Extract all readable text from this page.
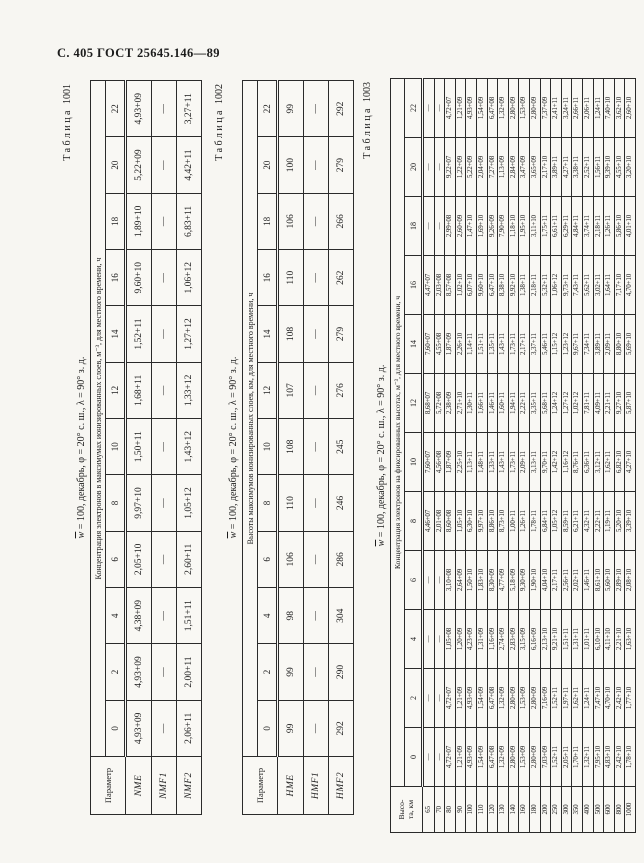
С. 405 ГОСТ 25645.146—89
Таблица1001
$\overline{w} = 100$, декабрь, φ = 20° с. ш., λ = 90° з. д.
Параметр	Концентрация электронов в максимумах ионизированных слоев, м⁻³, для местного времени, ч											
	0	2	4	6	8	10	12	14	16	18	20	22
NME	4,93+09	4,93+09	4,38+09	2,05+10	9,97+10	1,50+11	1,68+11	1,52+11	9,60+10	1,89+10	5,22+09	4,93+09
NMF1	—	—	—	—	—	—	—	—	—	—	—	—
NMF2	2,06+11	2,00+11	1,51+11	2,60+11	1,05+12	1,43+12	1,33+12	1,27+12	1,06+12	6,83+11	4,42+11	3,27+11 Таблица1002
$\overline{w} = 100$, декабрь, φ = 20° с. ш., λ = 90° з. д.
Параметр	Высоты максимумов ионизированных слоев, км, для местного времени, ч											
	0	2	4	6	8	10	12	14	16	18	20	22
HME	99	99	98	106	110	108	107	108	110	106	100	99
HMF1	—	—	—	—	—	—	—	—	—	—	—	—
HMF2	292	290	304	286	246	245	276	279	262	266	279	292 Таблица1003
$\overline{w} = 100$, декабрь, φ = 20° с. ш., λ = 90° з. д.
Высо-
та, км	Концентрация электронов на фиксированных высотах, м⁻³, для местного времени, ч											
	0	2	4	6	8	10	12	14	16	18	20	22
65	—	—	—	—	4,46+07	7,60+07	8,68+07	7,60+07	4,47+07	—	—	—
70	—	—	—	—	2,01+08	4,56+08	5,72+08	4,55+08	2,03+08	—	—	—
80	4,72+07	4,72+07	1,05+08	3,10+08	8,60+08	1,87+09	2,38+09	1,87+09	8,57+08	2,99+08	9,22+07	4,72+07
90	1,21+09	1,21+09	1,20+09	2,64+09	1,05+10	2,25+10	2,71+10	2,26+10	1,02+10	2,60+09	1,22+09	1,21+09
100	4,93+09	4,93+09	4,23+09	1,50+10	6,30+10	1,13+11	1,30+11	1,14+11	6,07+10	1,47+10	5,22+09	4,93+09
110	1,54+09	1,54+09	1,31+09	1,83+10	9,97+10	1,48+11	1,66+11	1,51+11	9,60+10	1,69+10	2,04+09	1,54+09
120	6,47+08	6,47+08	1,16+09	8,30+09	8,86+10	1,33+11	1,46+11	1,35+11	6,47+10	9,26+09	7,27+08	6,47+08
130	1,32+09	1,32+09	2,74+09	4,77+09	8,73+10	1,43+11	1,60+11	1,43+11	8,38+10	7,90+09	1,13+09	1,32+09
140	2,80+09	2,80+09	2,83+09	5,18+09	1,00+11	1,73+11	1,94+11	1,73+11	9,92+10	1,18+10	2,84+09	2,80+09
160	1,53+09	1,53+09	3,15+09	9,30+09	1,26+11	2,09+11	2,22+11	2,17+11	1,38+11	1,95+10	3,47+09	1,53+09
180	2,80+09	2,80+09	6,16+09	1,90+10	1,78+11	3,13+11	3,35+11	3,37+11	2,18+11	3,11+10	3,65+09	2,80+09
200	7,03+09	7,16+09	2,13+10	4,04+10	6,84+11	9,70+11	5,68+11	5,46+11	5,32+11	1,75+11	2,17+10	7,37+09
250	1,52+11	1,52+11	9,21+10	2,17+11	1,05+12	1,42+12	1,24+12	1,15+12	1,06+12	6,61+11	3,89+11	2,41+11
300	2,05+11	1,97+11	1,51+11	2,56+11	8,59+11	1,16+12	1,27+12	1,23+12	9,73+11	6,29+11	4,27+11	3,24+11
350	1,70+11	1,62+11	1,31+11	2,02+11	6,21+11	8,76+11	1,02+12	9,67+11	7,43+11	4,84+11	3,38+11	2,66+11
400	1,32+11	1,24+11	1,01+11	1,46+11	4,32+11	6,36+11	7,81+11	7,34+11	5,62+11	3,74+11	2,52+11	2,06+11
500	7,95+10	7,47+10	6,10+10	8,61+10	2,22+11	3,12+11	4,09+11	3,89+11	3,02+11	2,18+11	1,56+11	1,24+11
600	4,83+10	4,70+10	4,11+10	5,60+10	1,19+11	1,62+11	2,21+11	2,09+11	1,64+11	1,26+11	9,39+10	7,40+10
800	2,42+10	2,42+10	2,21+10	2,89+10	5,20+10	6,82+10	9,27+10	8,80+10	7,17+10	5,86+10	4,55+10	3,62+10
1000	1,78+10	1,77+10	1,63+10	2,08+10	3,39+10	4,27+10	5,87+10	5,69+10	4,70+10	4,01+10	3,20+10	2,60+10
